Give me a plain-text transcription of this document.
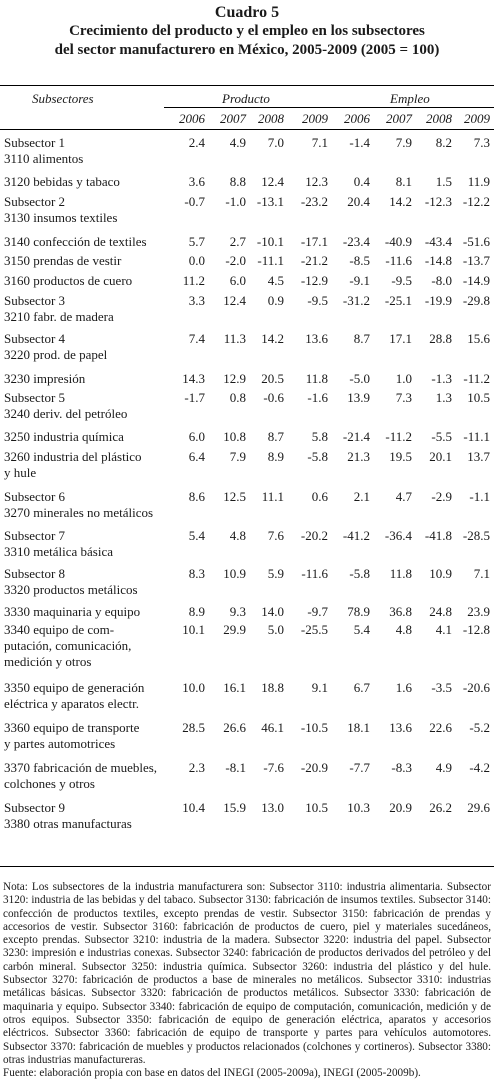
Cuadro 5
Crecimiento del producto y el empleo en los subsectores
del sector manufacturero en México, 2005-2009 (2005 = 100)
Subsectores	Producto	Empleo
2006	2007 2008	2009	2006	2007	2008 2009
Subsector 1
3110 alimentos
2.4	4.9	7.0	7.1	-1.4	7.9	8.2	7.3
3120 bebidas y tabaco	3.6	8.8	12.4	12.3	0.4	8.1	1.5	11.9
Subsector 2
3130 insumos textiles
-0.7	-1.0 -13.1	-23.2	20.4	14.2 -12.3 -12.2
3140 confección de textiles	5.7	2.7 -10.1	-17.1	-23.4	-40.9 -43.4 -51.6
3150 prendas de vestir	0.0	-2.0 -11.1	-21.2	-8.5	-11.6 -14.8 -13.7
3160 productos de cuero	11.2	6.0	4.5	-12.9	-9.1	-9.5	-8.0 -14.9
Subsector 3
3210 fabr. de madera
3.3	12.4	0.9	-9.5	-31.2	-25.1 -19.9 -29.8
Subsector 4
3220 prod. de papel
7.4	11.3	14.2	13.6	8.7	17.1	28.8	15.6
3230 impresión	14.3	12.9	20.5	11.8	-5.0	1.0	-1.3 -11.2
Subsector 5
3240 deriv. del petróleo
-1.7	0.8	-0.6	-1.6	13.9	7.3	1.3	10.5
3250 industria química	6.0	10.8	8.7	5.8	-21.4	-11.2	-5.5 -11.1
3260 industria del plástico
y hule
6.4	7.9	8.9	-5.8	21.3	19.5	20.1	13.7
Subsector 6
3270 minerales no metálicos
8.6	12.5	11.1	0.6	2.1	4.7	-2.9	-1.1
Subsector 7
3310 metálica básica
5.4	4.8	7.6	-20.2	-41.2	-36.4 -41.8 -28.5
Subsector 8
3320 productos metálicos
8.3	10.9	5.9	-11.6	-5.8	11.8	10.9	7.1
3330 maquinaria y equipo	8.9	9.3	14.0	-9.7	78.9	36.8	24.8	23.9
3340 equipo de com-
putación, comunicación,
medición y otros
10.1	29.9	5.0	-25.5	5.4	4.8	4.1 -12.8
3350 equipo de generación
eléctrica y aparatos electr.
10.0	16.1	18.8	9.1	6.7	1.6	-3.5 -20.6
3360 equipo de transporte
y partes automotrices
28.5	26.6	46.1	-10.5	18.1	13.6	22.6	-5.2
3370 fabricación de muebles,
colchones y otros
2.3	-8.1	-7.6	-20.9	-7.7	-8.3	4.9	-4.2
Subsector 9
3380 otras manufacturas
10.4	15.9	13.0	10.5	10.3	20.9	26.2	29.6
Nota: Los subsectores de la industria manufacturera son: Subsector 3110: industria alimentaria. Subsector 3120: industria de las bebidas y del tabaco. Subsector 3130: fabricación de insumos textiles. Subsector 3140: confección de productos textiles, excepto prendas de vestir. Subsector 3150: fabricación de prendas y accesorios de vestir. Subsector 3160: fabricación de productos de cuero, piel y materiales sucedáneos, excepto prendas. Subsector 3210: industria de la madera. Subsector 3220: industria del papel. Subsector 3230: impresión e industrias conexas. Subsector 3240: fabricación de productos derivados del petróleo y del carbón mineral. Subsector 3250: industria química. Subsector 3260: industria del plástico y del hule. Subsector 3270: fabricación de productos a base de minerales no metálicos. Subsector 3310: industrias metálicas básicas. Subsector 3320: fabricación de productos metálicos. Subsector 3330: fabricación de maquinaria y equipo. Subsector 3340: fabricación de equipo de computación, comunicación, medición y de otros equipos. Subsector 3350: fabricación de equipo de generación eléctrica, aparatos y accesorios eléctricos. Subsector 3360: fabricación de equipo de transporte y partes para vehículos automotores. Subsector 3370: fabricación de muebles y productos relacionados (colchones y cortineros). Subsector 3380: otras industrias manufactureras.
Fuente: elaboración propia con base en datos del INEGI (2005-2009a), INEGI (2005-2009b).
